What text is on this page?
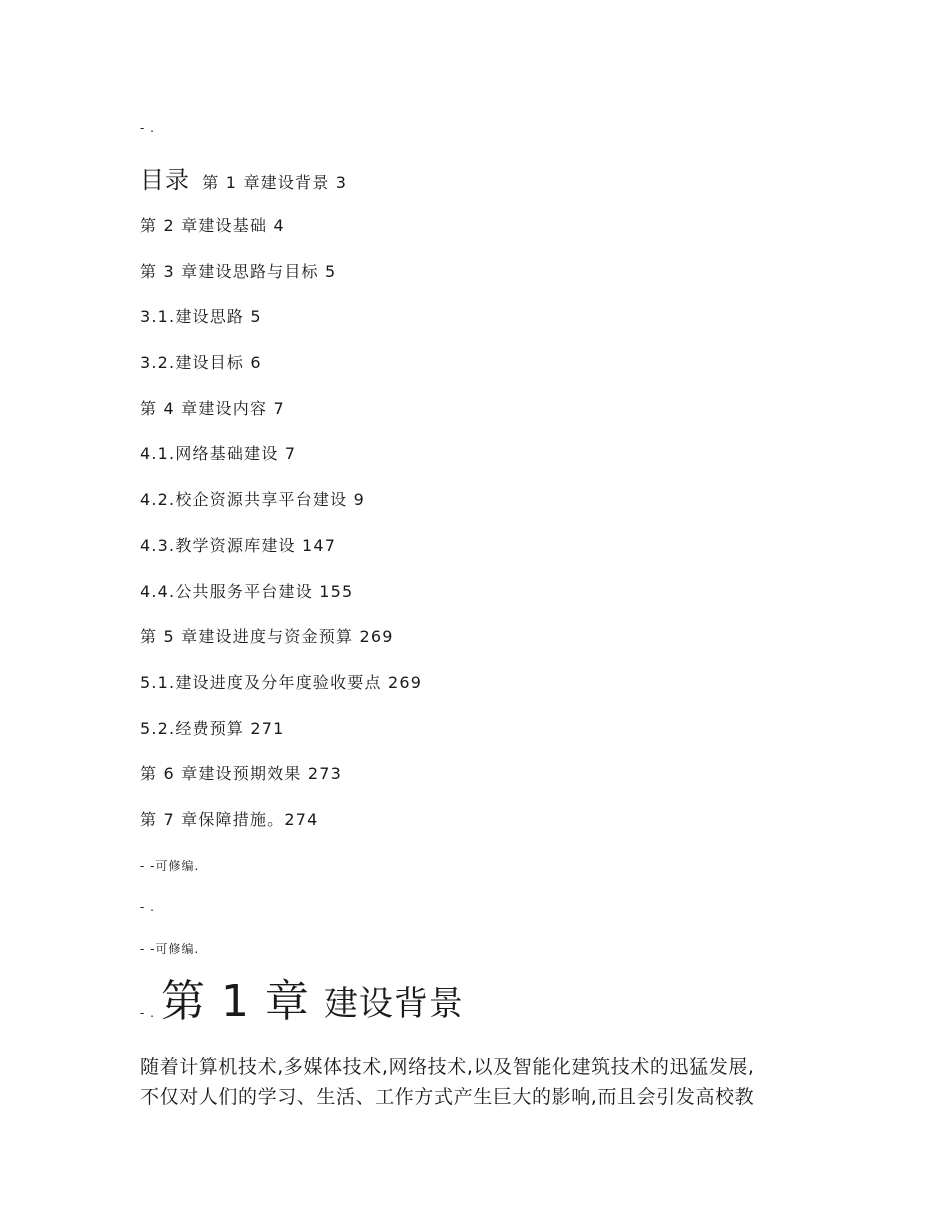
- .
目录 第 1 章建设背景 3
第 2 章建设基础 4
第 3 章建设思路与目标 5
3.1.建设思路 5
3.2.建设目标 6
第 4 章建设内容 7
4.1.网络基础建设 7
4.2.校企资源共享平台建设 9
4.3.教学资源库建设 147
4.4.公共服务平台建设 155
第 5 章建设进度与资金预算 269
5.1.建设进度及分年度验收要点 269
5.2.经费预算 271
第 6 章建设预期效果 273
第 7 章保障措施。274
- -可修编.
- .
- -可修编.
- . 第 1 章 建设背景
随着计算机技术,多媒体技术,网络技术,以及智能化建筑技术的迅猛发展,
不仅对人们的学习、生活、工作方式产生巨大的影响,而且会引发高校教
